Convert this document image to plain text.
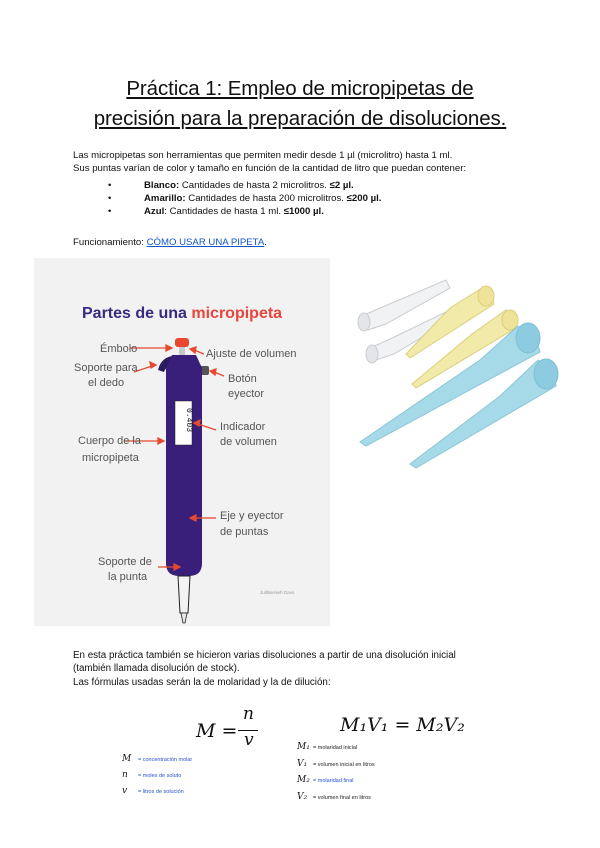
Práctica 1: Empleo de micropipetas de
precisión para la preparación de disoluciones.
Las micropipetas son herramientas que permiten medir desde 1 µl (microlitro) hasta 1 ml.
Sus puntas varían de color y tamaño en función de la cantidad de litro que puedan contener:
•	Blanco: Cantidades de hasta 2 microlitros. ≤2 µl.
•	Amarillo: Cantidades de hasta 200 microlitros. ≤200 µl.
•	Azul: Cantidades de hasta 1 ml. ≤1000 µl.
Funcionamiento: CÓMO USAR UNA PIPETA.
Partes de una micropipeta
0.403
Émbolo	Ajuste de volumen
Soporte para
el dedo	Botón
eyector
Indicador
de volumen
Cuerpo de la
micropipeta
Eje y eyector
de puntas
Soporte de
la punta
Jul/Bernieh·Davs
En esta práctica también se hicieron varias disoluciones a partir de una disolución inicial
(también llamada disolución de stock).
Las fórmulas usadas serán la de molaridad y la de dilución:
M =
n
v
M₁V₁ = M₂V₂
M = concentración molar
n = moles de soluto
v = litros de solución
M₁ = molaridad inicial
V₁ = volumen inicial en litros
M₂ = molaridad final
V₂ = volumen final en litros
